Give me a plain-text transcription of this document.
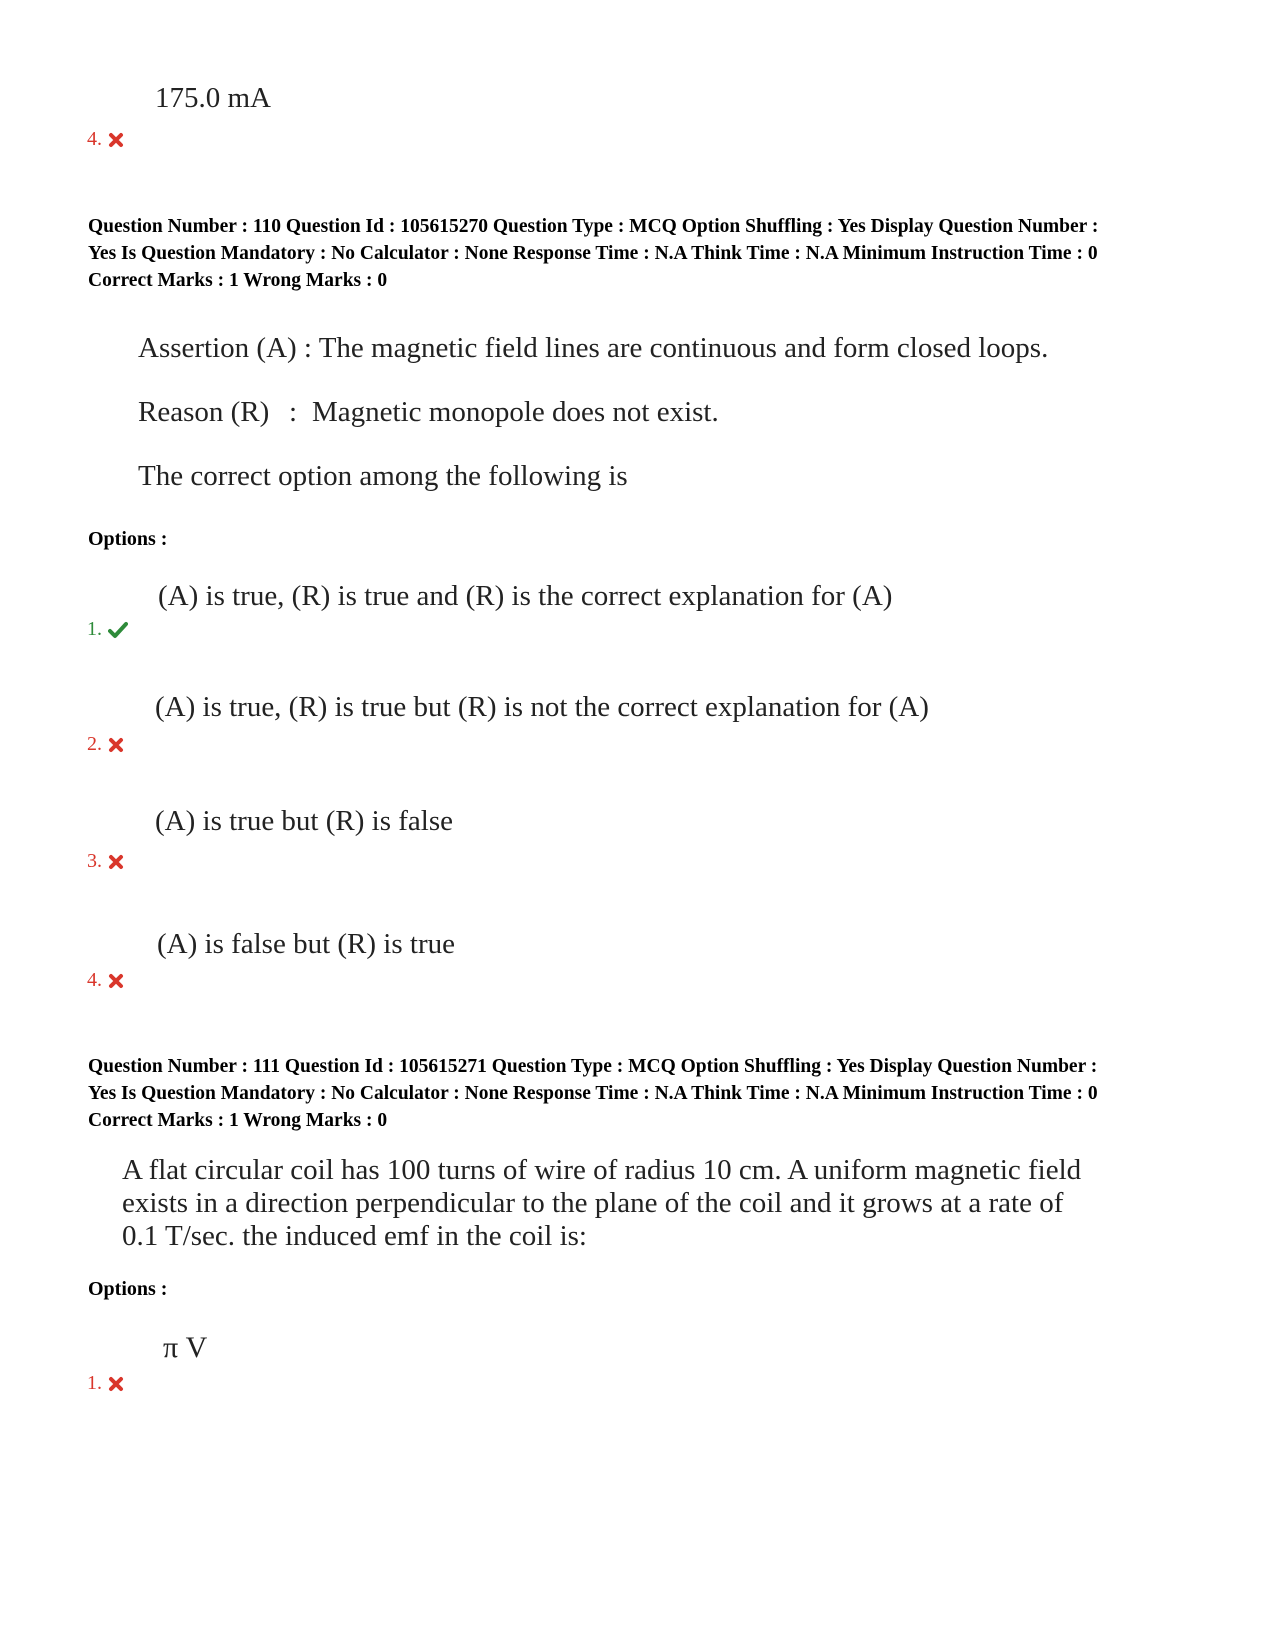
175.0 mA
4.
Question Number : 110 Question Id : 105615270 Question Type : MCQ Option Shuffling : Yes Display Question Number :
Yes Is Question Mandatory : No Calculator : None Response Time : N.A Think Time : N.A Minimum Instruction Time : 0
Correct Marks : 1 Wrong Marks : 0
Assertion (A) : The magnetic field lines are continuous and form closed loops.
Reason (R) : Magnetic monopole does not exist.
The correct option among the following is
Options :
(A) is true, (R) is true and (R) is the correct explanation for (A)
1.
(A) is true, (R) is true but (R) is not the correct explanation for (A)
2.
(A) is true but (R) is false
3.
(A) is false but (R) is true
4.
Question Number : 111 Question Id : 105615271 Question Type : MCQ Option Shuffling : Yes Display Question Number :
Yes Is Question Mandatory : No Calculator : None Response Time : N.A Think Time : N.A Minimum Instruction Time : 0
Correct Marks : 1 Wrong Marks : 0
A flat circular coil has 100 turns of wire of radius 10 cm. A uniform magnetic field
exists in a direction perpendicular to the plane of the coil and it grows at a rate of
0.1 T/sec. the induced emf in the coil is:
Options :
π V
1.
